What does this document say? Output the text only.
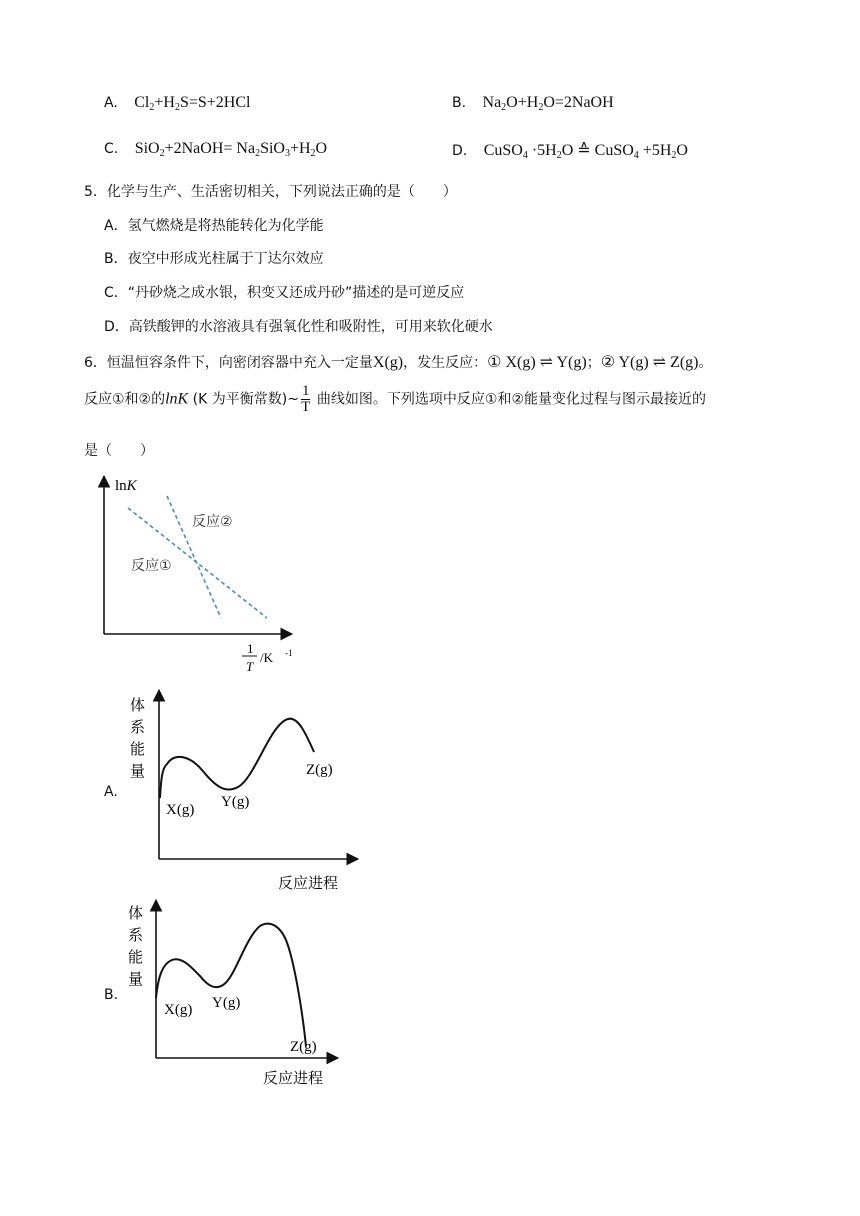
A. $Cl_2+H_2S=S+2HCl$	B. $Na_2O+H_2O=2NaOH$
C. SiO$_2$+2NaOH= $Na_2SiO_3+H_2O$	D. CuSO$_4$ $\cdot 5H_2O$ ≙ CuSO$_4$ $+5H_2O$
5．化学与生产、生活密切相关，下列说法正确的是（　　）
A．氢气燃烧是将热能转化为化学能
B．夜空中形成光柱属于丁达尔效应
C．“丹砂烧之成水银，积变又还成丹砂”描述的是可逆反应
D．高铁酸钾的水溶液具有强氧化性和吸附性，可用来软化硬水
6．恒温恒容条件下，向密闭容器中充入一定量X(g)，发生反应：① X(g) ⇌ Y(g)；② Y(g) ⇌ Z(g)。
反应①和②的lnK (K 为平衡常数)~ $\frac{1}{T}$ 曲线如图。下列选项中反应①和②能量变化过程与图示最接近的
是（　　）
lnK
反应②
反应①
1
T
/K -1
A.
体
系
能
量
X(g) Y(g)
Z(g)
反应进程
B.
体
系
能
量
X(g) Y(g)
Z(g)
反应进程
